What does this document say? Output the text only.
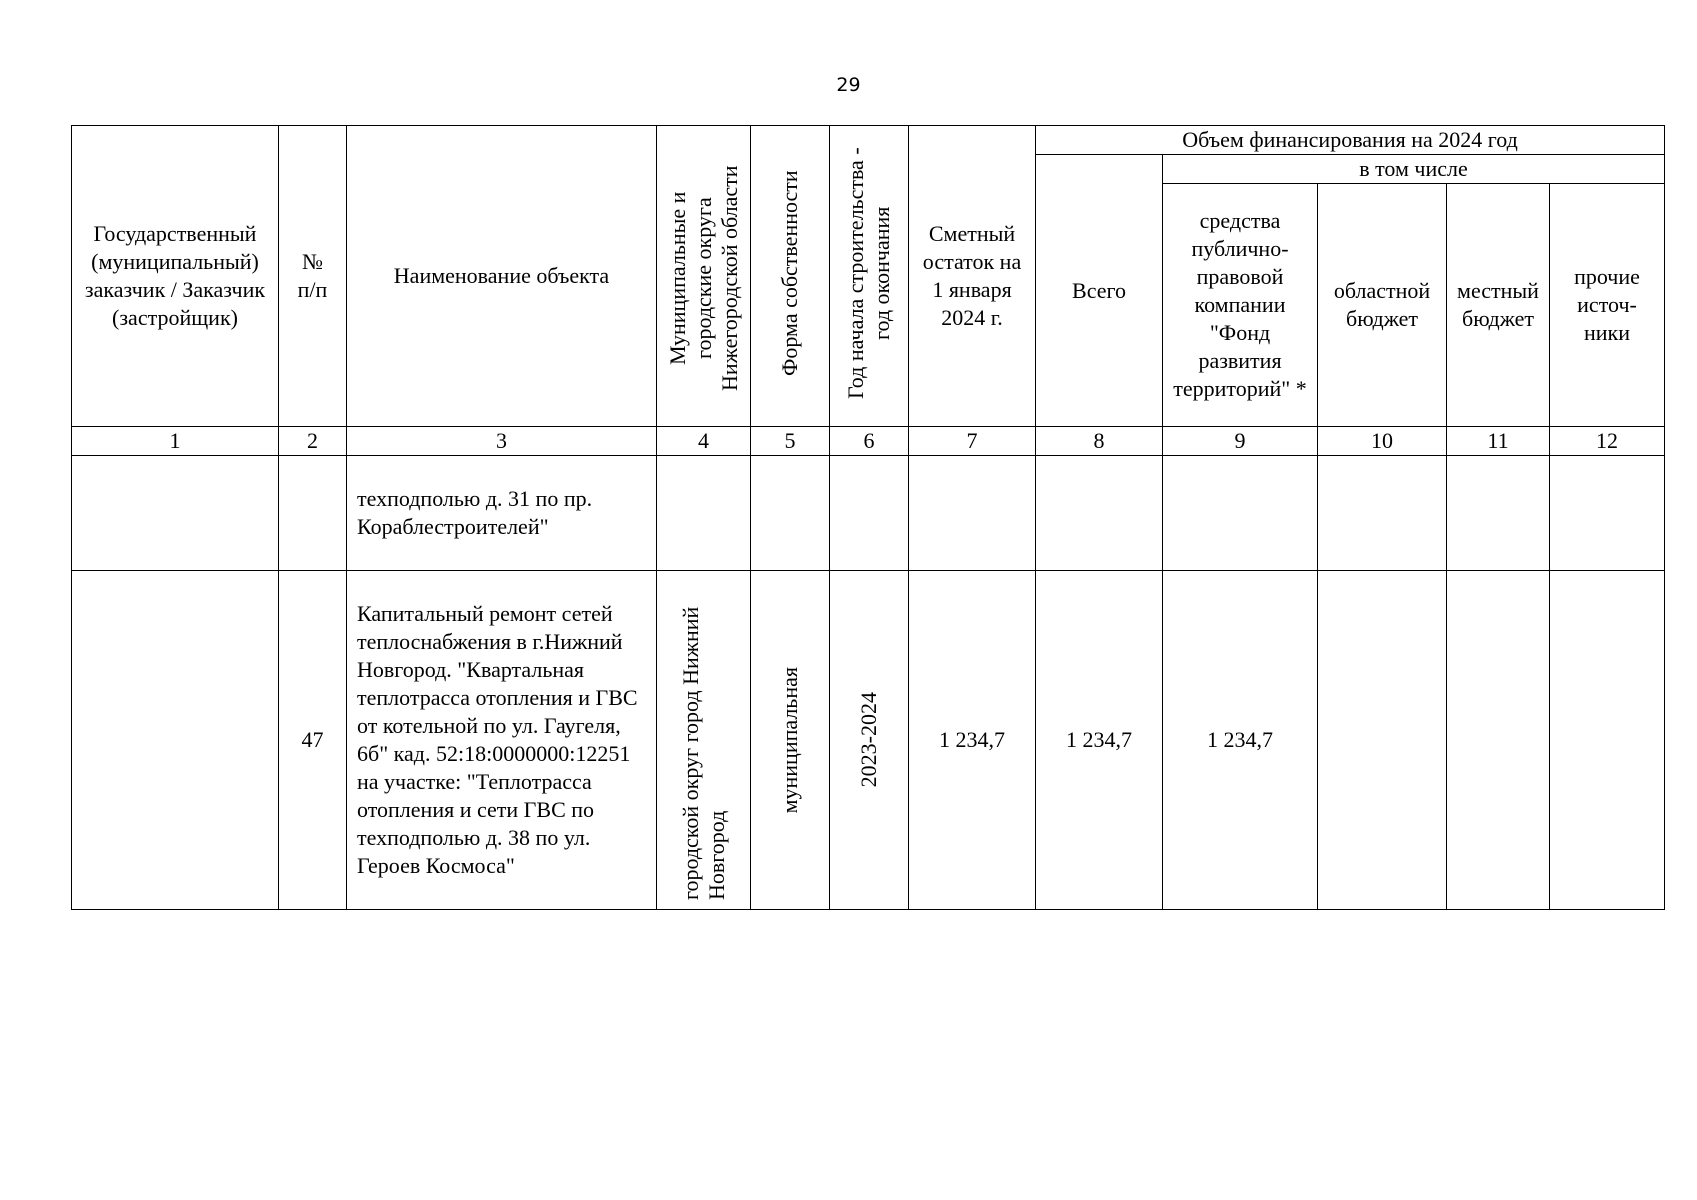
29
Государственный (муниципальный) заказчик / Заказчик (застройщик)	№ п/п	Наименование объекта	Муниципальные и городские округа Нижегородской области	Форма собственности	Год начала строительства - год окончания	Сметный остаток на 1 января 2024 г.	Объем финансирования на 2024 год				
							Всего	в том числе			
								средства публично-правовой компании "Фонд развития территорий" *	областной бюджет	местный бюджет	прочие источ-ники
1	2	3	4	5	6	7	8	9	10	11	12
		техподполью д. 31 по пр. Кораблестроителей"									
	47	Капитальный ремонт сетей теплоснабжения в г.Нижний Новгород. "Квартальная теплотрасса отопления и ГВС от котельной по ул. Гаугеля, 6б" кад. 52:18:0000000:12251 на участке: "Теплотрасса отопления и сети ГВС по техподполью д. 38 по ул. Героев Космоса"	городской округ город Нижний Новгород	муниципальная	2023-2024	1 234,7	1 234,7	1 234,7			
